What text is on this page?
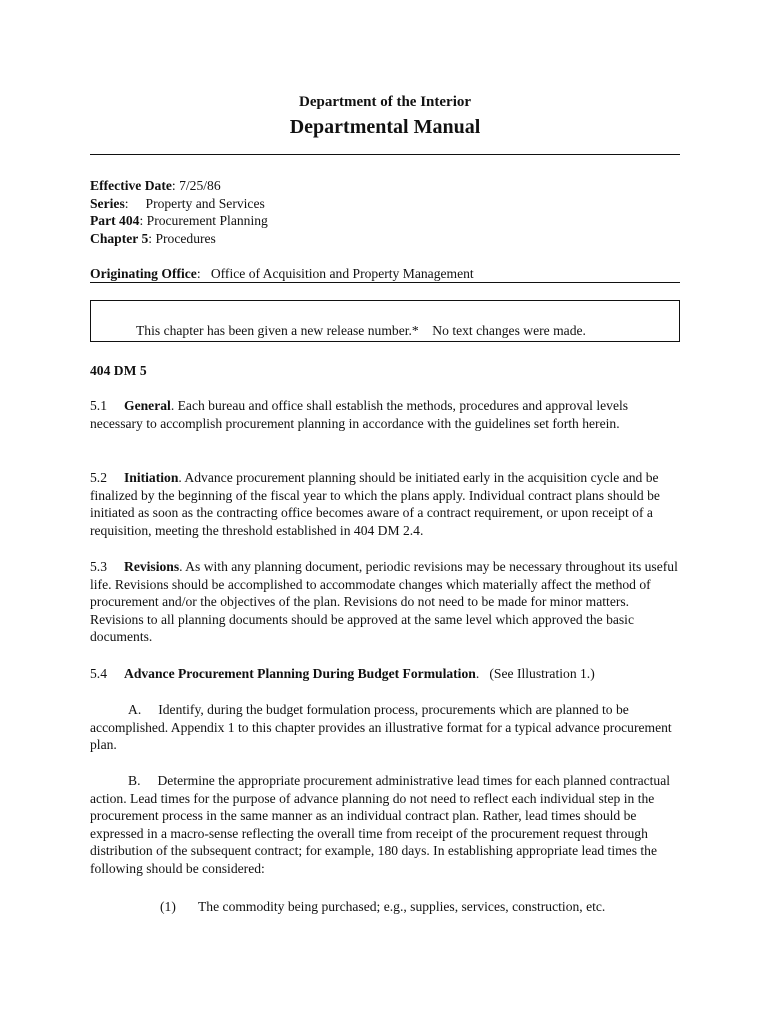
Department of the Interior
Departmental Manual
Effective Date: 7/25/86
Series:     Property and Services
Part 404: Procurement Planning
Chapter 5: Procedures
Originating Office:   Office of Acquisition and Property Management
This chapter has been given a new release number.*    No text changes were made.
404 DM 5

5.1 General. Each bureau and office shall establish the methods, procedures and approval levels necessary to accomplish procurement planning in accordance with the guidelines set forth herein.

5.2 Initiation. Advance procurement planning should be initiated early in the acquisition cycle and be finalized by the beginning of the fiscal year to which the plans apply. Individual contract plans should be initiated as soon as the contracting office becomes aware of a contract requirement, or upon receipt of a requisition, meeting the threshold established in 404 DM 2.4.

5.3 Revisions. As with any planning document, periodic revisions may be necessary throughout its useful life. Revisions should be accomplished to accommodate changes which materially affect the method of procurement and/or the objectives of the plan. Revisions do not need to be made for minor matters. Revisions to all planning documents should be approved at the same level which approved the basic documents.

5.4 Advance Procurement Planning During Budget Formulation.   (See Illustration 1.)

A. Identify, during the budget formulation process, procurements which are planned to be accomplished. Appendix 1 to this chapter provides an illustrative format for a typical advance procurement plan.

B. Determine the appropriate procurement administrative lead times for each planned contractual action. Lead times for the purpose of advance planning do not need to reflect each individual step in the procurement process in the same manner as an individual contract plan. Rather, lead times should be expressed in a macro-sense reflecting the overall time from receipt of the procurement request through distribution of the subsequent contract; for example, 180 days. In establishing appropriate lead times the following should be considered:

(1) The commodity being purchased; e.g., supplies, services, construction, etc.
